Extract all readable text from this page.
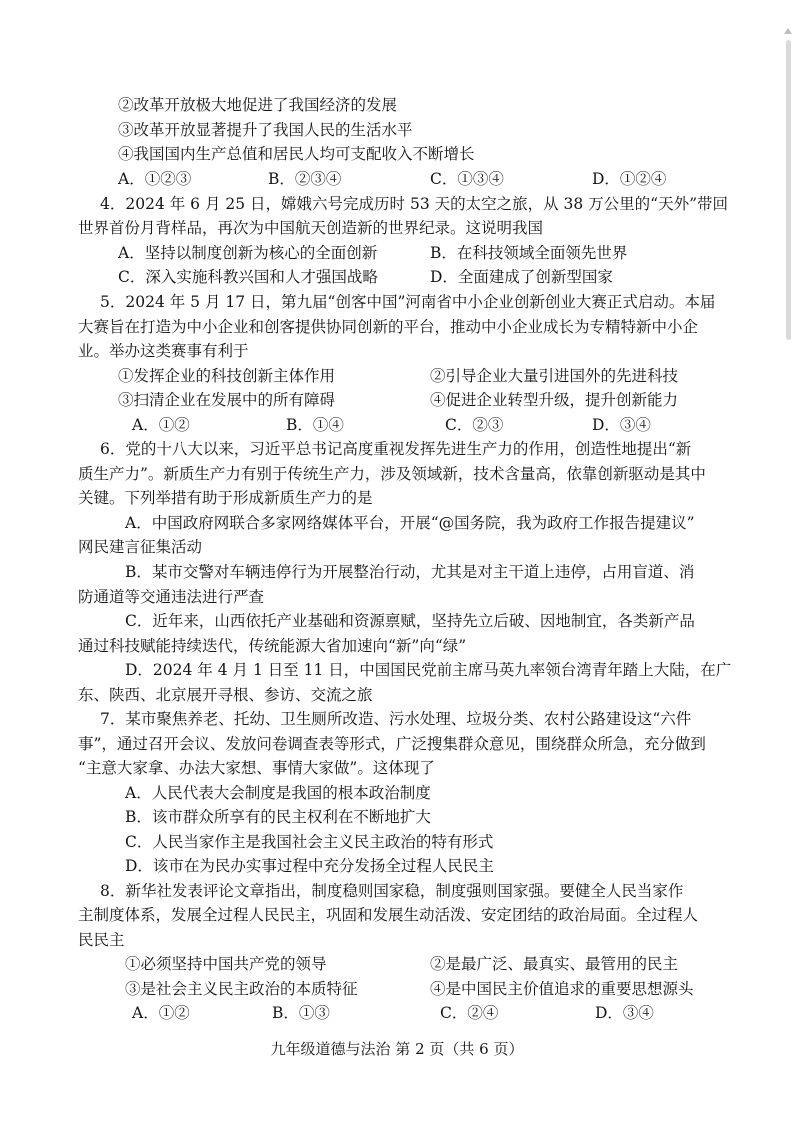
②改革开放极大地促进了我国经济的发展
③改革开放显著提升了我国人民的生活水平
④我国国内生产总值和居民人均可支配收入不断增长
A．①②③	B．②③④	C．①③④	D．①②④
4．2024 年 6 月 25 日，嫦娥六号完成历时 53 天的太空之旅，从 38 万公里的“天外”带回
世界首份月背样品，再次为中国航天创造新的世界纪录。这说明我国
A．坚持以制度创新为核心的全面创新	B．在科技领域全面领先世界
C．深入实施科教兴国和人才强国战略	D．全面建成了创新型国家
5．2024 年 5 月 17 日，第九届“创客中国”河南省中小企业创新创业大赛正式启动。本届
大赛旨在打造为中小企业和创客提供协同创新的平台，推动中小企业成长为专精特新中小企
业。举办这类赛事有利于
①发挥企业的科技创新主体作用	②引导企业大量引进国外的先进科技
③扫清企业在发展中的所有障碍	④促进企业转型升级，提升创新能力
A．①②	B．①④	C．②③	D．③④
6．党的十八大以来，习近平总书记高度重视发挥先进生产力的作用，创造性地提出“新
质生产力”。新质生产力有别于传统生产力，涉及领域新，技术含量高，依靠创新驱动是其中
关键。下列举措有助于形成新质生产力的是
A．中国政府网联合多家网络媒体平台，开展“@国务院，我为政府工作报告提建议”
网民建言征集活动
B．某市交警对车辆违停行为开展整治行动，尤其是对主干道上违停，占用盲道、消
防通道等交通违法进行严查
C．近年来，山西依托产业基础和资源禀赋，坚持先立后破、因地制宜，各类新产品
通过科技赋能持续迭代，传统能源大省加速向“新”向“绿”
D．2024 年 4 月 1 日至 11 日，中国国民党前主席马英九率领台湾青年踏上大陆，在广
东、陕西、北京展开寻根、参访、交流之旅
7．某市聚焦养老、托幼、卫生厕所改造、污水处理、垃圾分类、农村公路建设这“六件
事”，通过召开会议、发放问卷调查表等形式，广泛搜集群众意见，围绕群众所急，充分做到
“主意大家拿、办法大家想、事情大家做”。这体现了
A．人民代表大会制度是我国的根本政治制度
B．该市群众所享有的民主权利在不断地扩大
C．人民当家作主是我国社会主义民主政治的特有形式
D．该市在为民办实事过程中充分发扬全过程人民民主
8．新华社发表评论文章指出，制度稳则国家稳，制度强则国家强。要健全人民当家作
主制度体系，发展全过程人民民主，巩固和发展生动活泼、安定团结的政治局面。全过程人
民民主
①必须坚持中国共产党的领导	②是最广泛、最真实、最管用的民主
③是社会主义民主政治的本质特征	④是中国民主价值追求的重要思想源头
A．①②	B．①③	C．②④	D．③④
九年级道德与法治 第 2 页（共 6 页）
